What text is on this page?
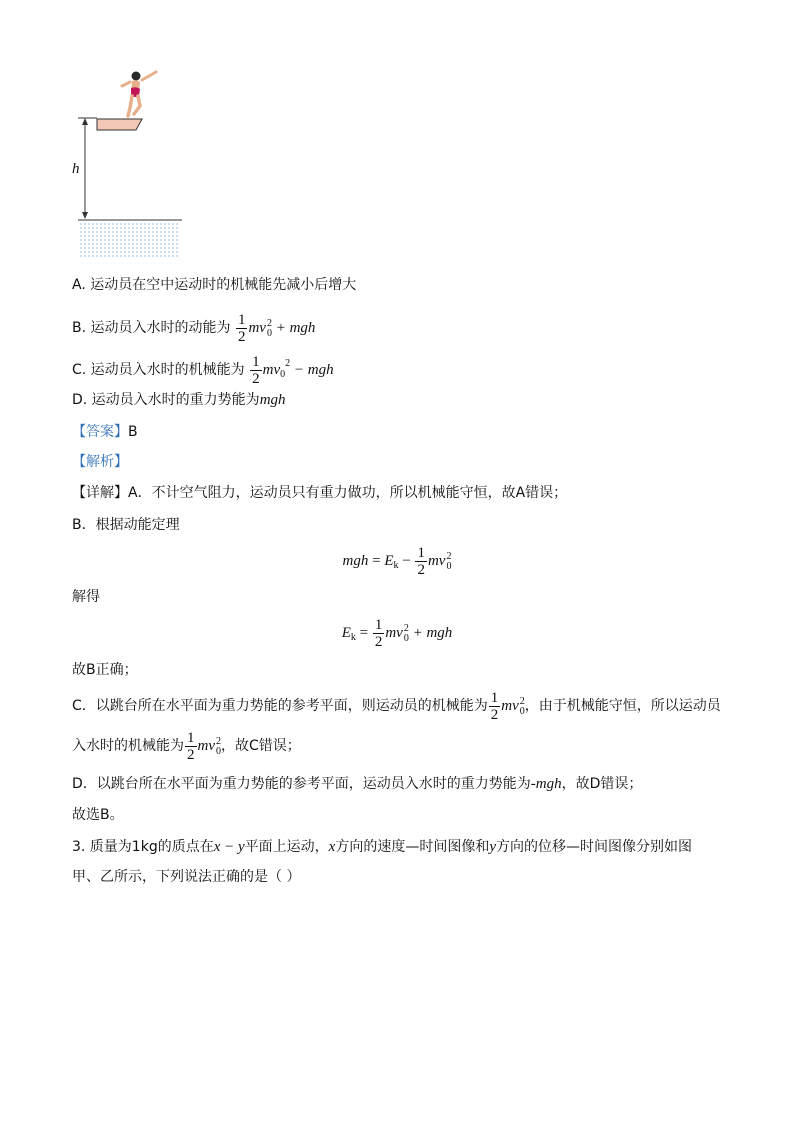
h
A. 运动员在空中运动时的机械能先减小后增大
B. 运动员入水时的动能为 $\frac{1}{2}$ mv 2
0 + mgh
C. 运动员入水时的机械能为 $\frac{1}{2} mv_0^2$ − mgh
D. 运动员入水时的重力势能为mgh
【答案】B
【解析】
【详解】A．不计空气阻力，运动员只有重力做功，所以机械能守恒，故A错误；
B．根据动能定理
mgh = $E_k - \frac{1}{2}$ mv 2
0
解得
$E_k = \frac{1}{2}$ mv 2
0 + mgh
故B正确；
C．以跳台所在水平面为重力势能的参考平面，则运动员的机械能为 $\frac{1}{2}$ mv 2
0 ，由于机械能守恒，所以运动员
入水时的机械能为 $\frac{1}{2}$ mv 2
0 ，故C错误；
D．以跳台所在水平面为重力势能的参考平面，运动员入水时的重力势能为-mgh，故D错误；
故选B。
3. 质量为1kg的质点在x − y平面上运动，x方向的速度—时间图像和y方向的位移—时间图像分别如图
甲、乙所示，下列说法正确的是（ ）
